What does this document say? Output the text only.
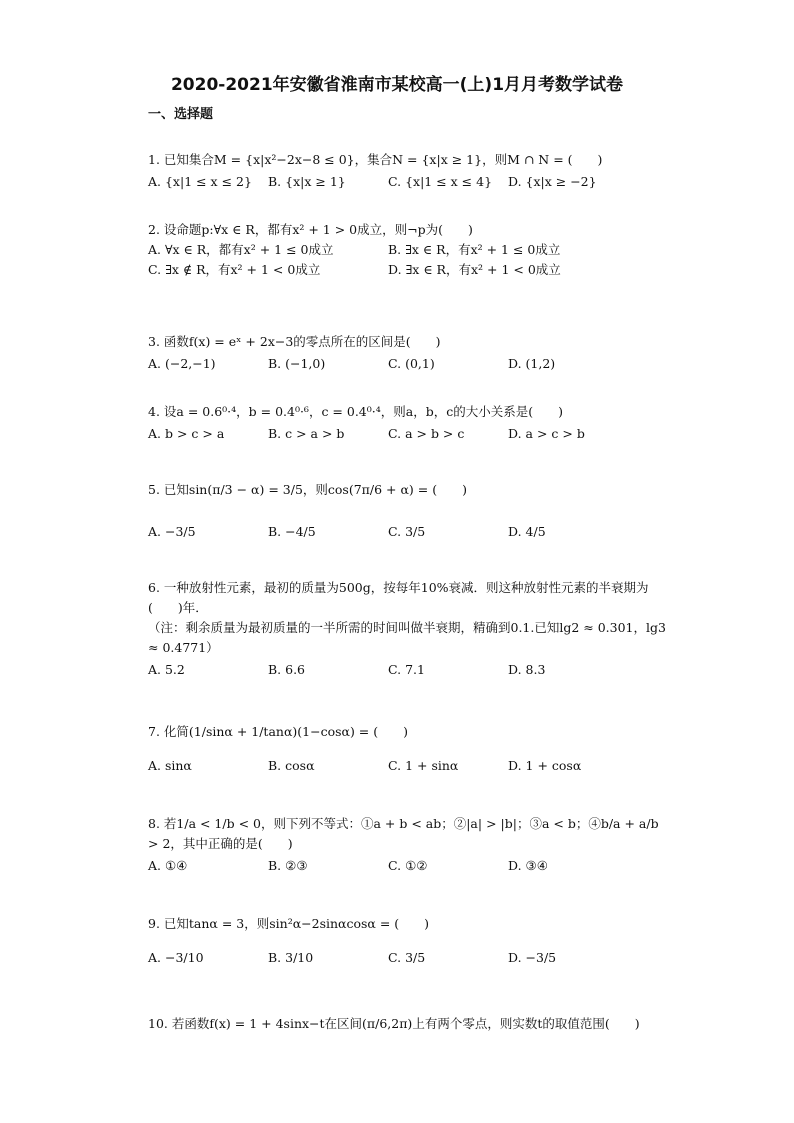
2020-2021年安徽省淮南市某校高一(上)1月月考数学试卷
一、选择题

1. 已知集合M = {x|x²−2x−8 ≤ 0}，集合N = {x|x ≥ 1}，则M ∩ N = (　　)

A. {x|1 ≤ x ≤ 2} B. {x|x ≥ 1}	C. {x|1 ≤ x ≤ 4} D. {x|x ≥ −2}

2. 设命题p:∀x ∈ R，都有x² + 1 > 0成立，则¬p为(　　)

A. ∀x ∈ R，都有x² + 1 ≤ 0成立	B. ∃x ∈ R，有x² + 1 ≤ 0成立
C. ∃x ∉ R，有x² + 1 < 0成立	D. ∃x ∈ R，有x² + 1 < 0成立

3. 函数f(x) = eˣ + 2x−3的零点所在的区间是(　　)

A. (−2,−1)	B. (−1,0)	C. (0,1)	D. (1,2)

4. 设a = 0.6⁰·⁴，b = 0.4⁰·⁶，c = 0.4⁰·⁴，则a，b，c的大小关系是(　　)

A. b > c > a	B. c > a > b	C. a > b > c	D. a > c > b

5. 已知sin(π/3 − α) = 3/5，则cos(7π/6 + α) = (　　)

A. −3/5	B. −4/5	C. 3/5	D. 4/5

6. 一种放射性元素，最初的质量为500g，按每年10%衰减．则这种放射性元素的半衰期为(　　)年．

（注：剩余质量为最初质量的一半所需的时间叫做半衰期，精确到0.1.已知lg2 ≈ 0.301，lg3 ≈ 0.4771）

A. 5.2	B. 6.6	C. 7.1	D. 8.3

7. 化简(1/sinα + 1/tanα)(1−cosα) = (　　)

A. sinα	B. cosα	C. 1 + sinα	D. 1 + cosα

8. 若1/a < 1/b < 0，则下列不等式：①a + b < ab；②|a| > |b|；③a < b；④b/a + a/b > 2，其中正确的是(　　)

A. ①④	B. ②③	C. ①②	D. ③④

9. 已知tanα = 3，则sin²α−2sinαcosα = (　　)

A. −3/10	B. 3/10	C. 3/5	D. −3/5

10. 若函数f(x) = 1 + 4sinx−t在区间(π/6,2π)上有两个零点，则实数t的取值范围(　　)
